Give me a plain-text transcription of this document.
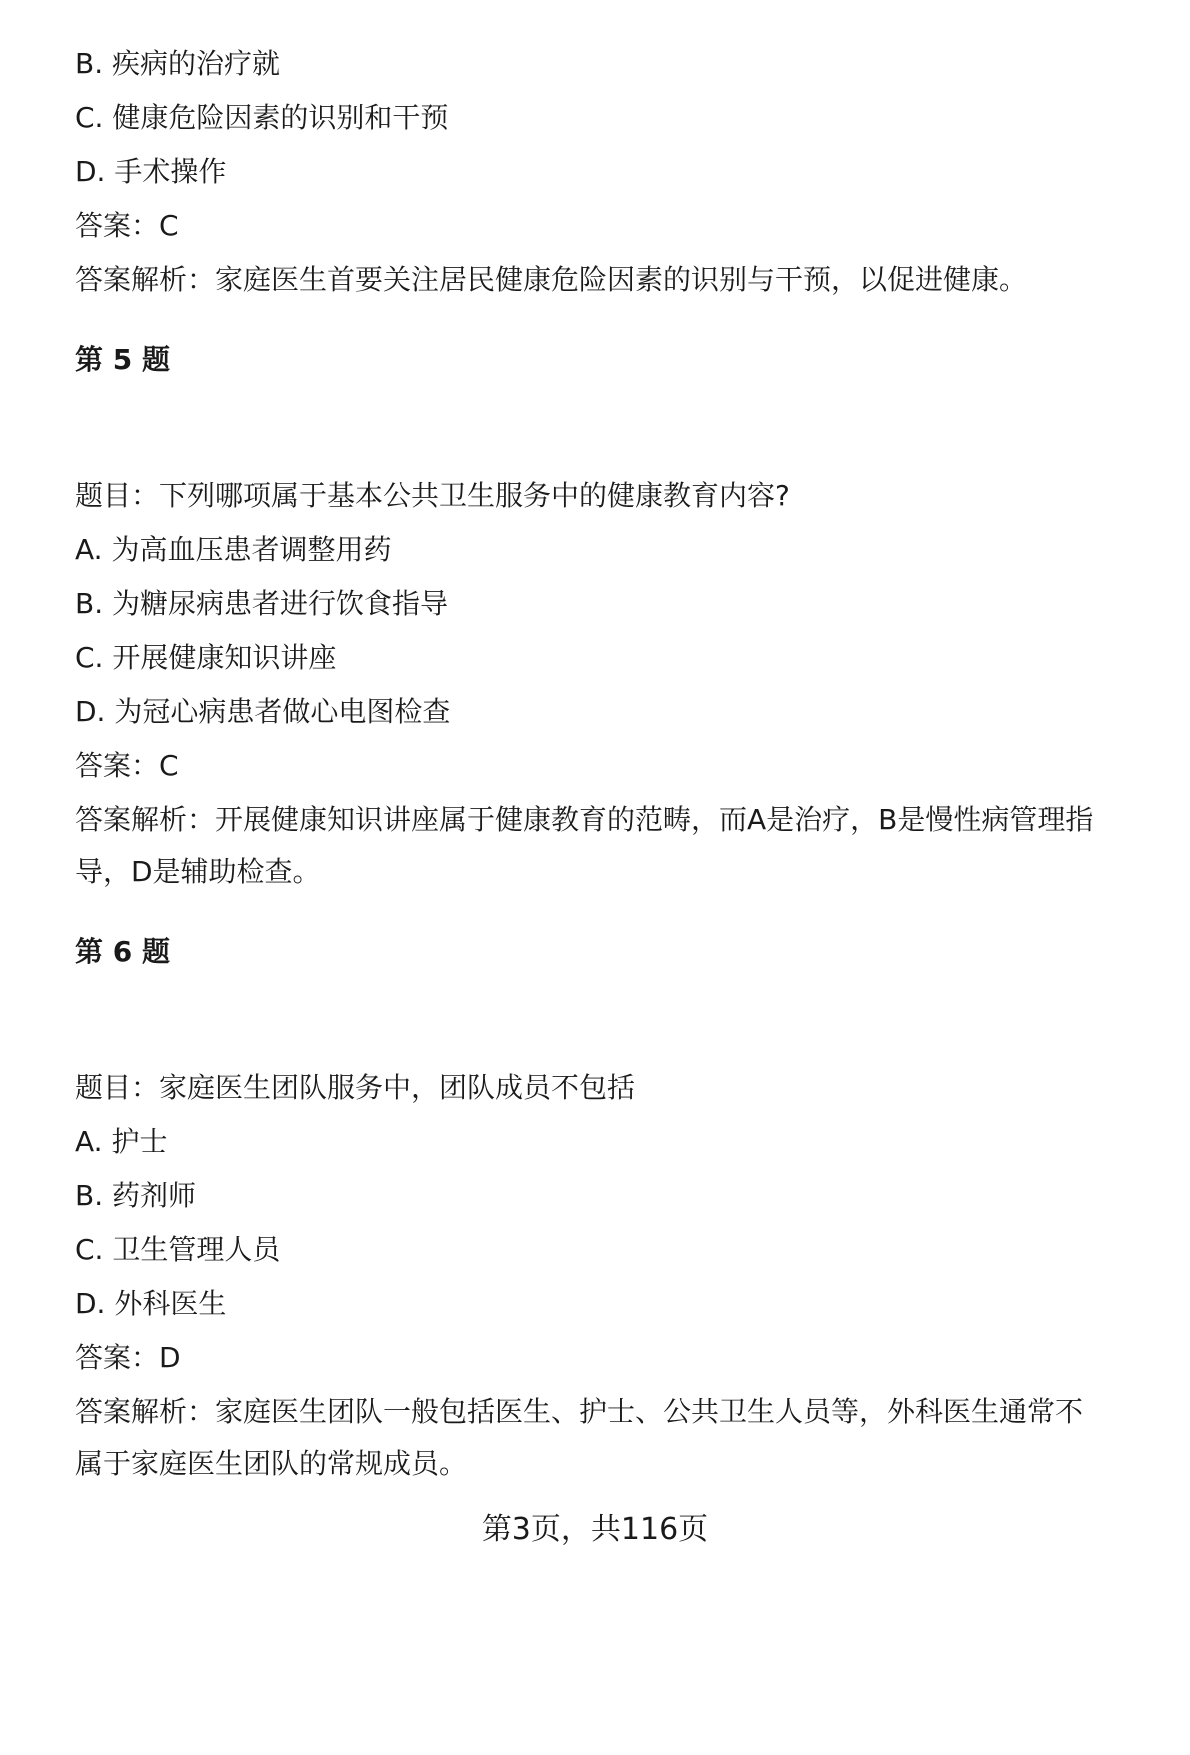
B. 疾病的治疗就
C. 健康危险因素的识别和干预
D. 手术操作
答案：C
答案解析：家庭医生首要关注居民健康危险因素的识别与干预，以促进健康。
第 5 题
题目：下列哪项属于基本公共卫生服务中的健康教育内容?
A. 为高血压患者调整用药
B. 为糖尿病患者进行饮食指导
C. 开展健康知识讲座
D. 为冠心病患者做心电图检查
答案：C
答案解析：开展健康知识讲座属于健康教育的范畴，而A是治疗，B是慢性病管理指
导，D是辅助检查。
第 6 题
题目：家庭医生团队服务中，团队成员不包括
A. 护士
B. 药剂师
C. 卫生管理人员
D. 外科医生
答案：D
答案解析：家庭医生团队一般包括医生、护士、公共卫生人员等，外科医生通常不
属于家庭医生团队的常规成员。
第3页，共116页
